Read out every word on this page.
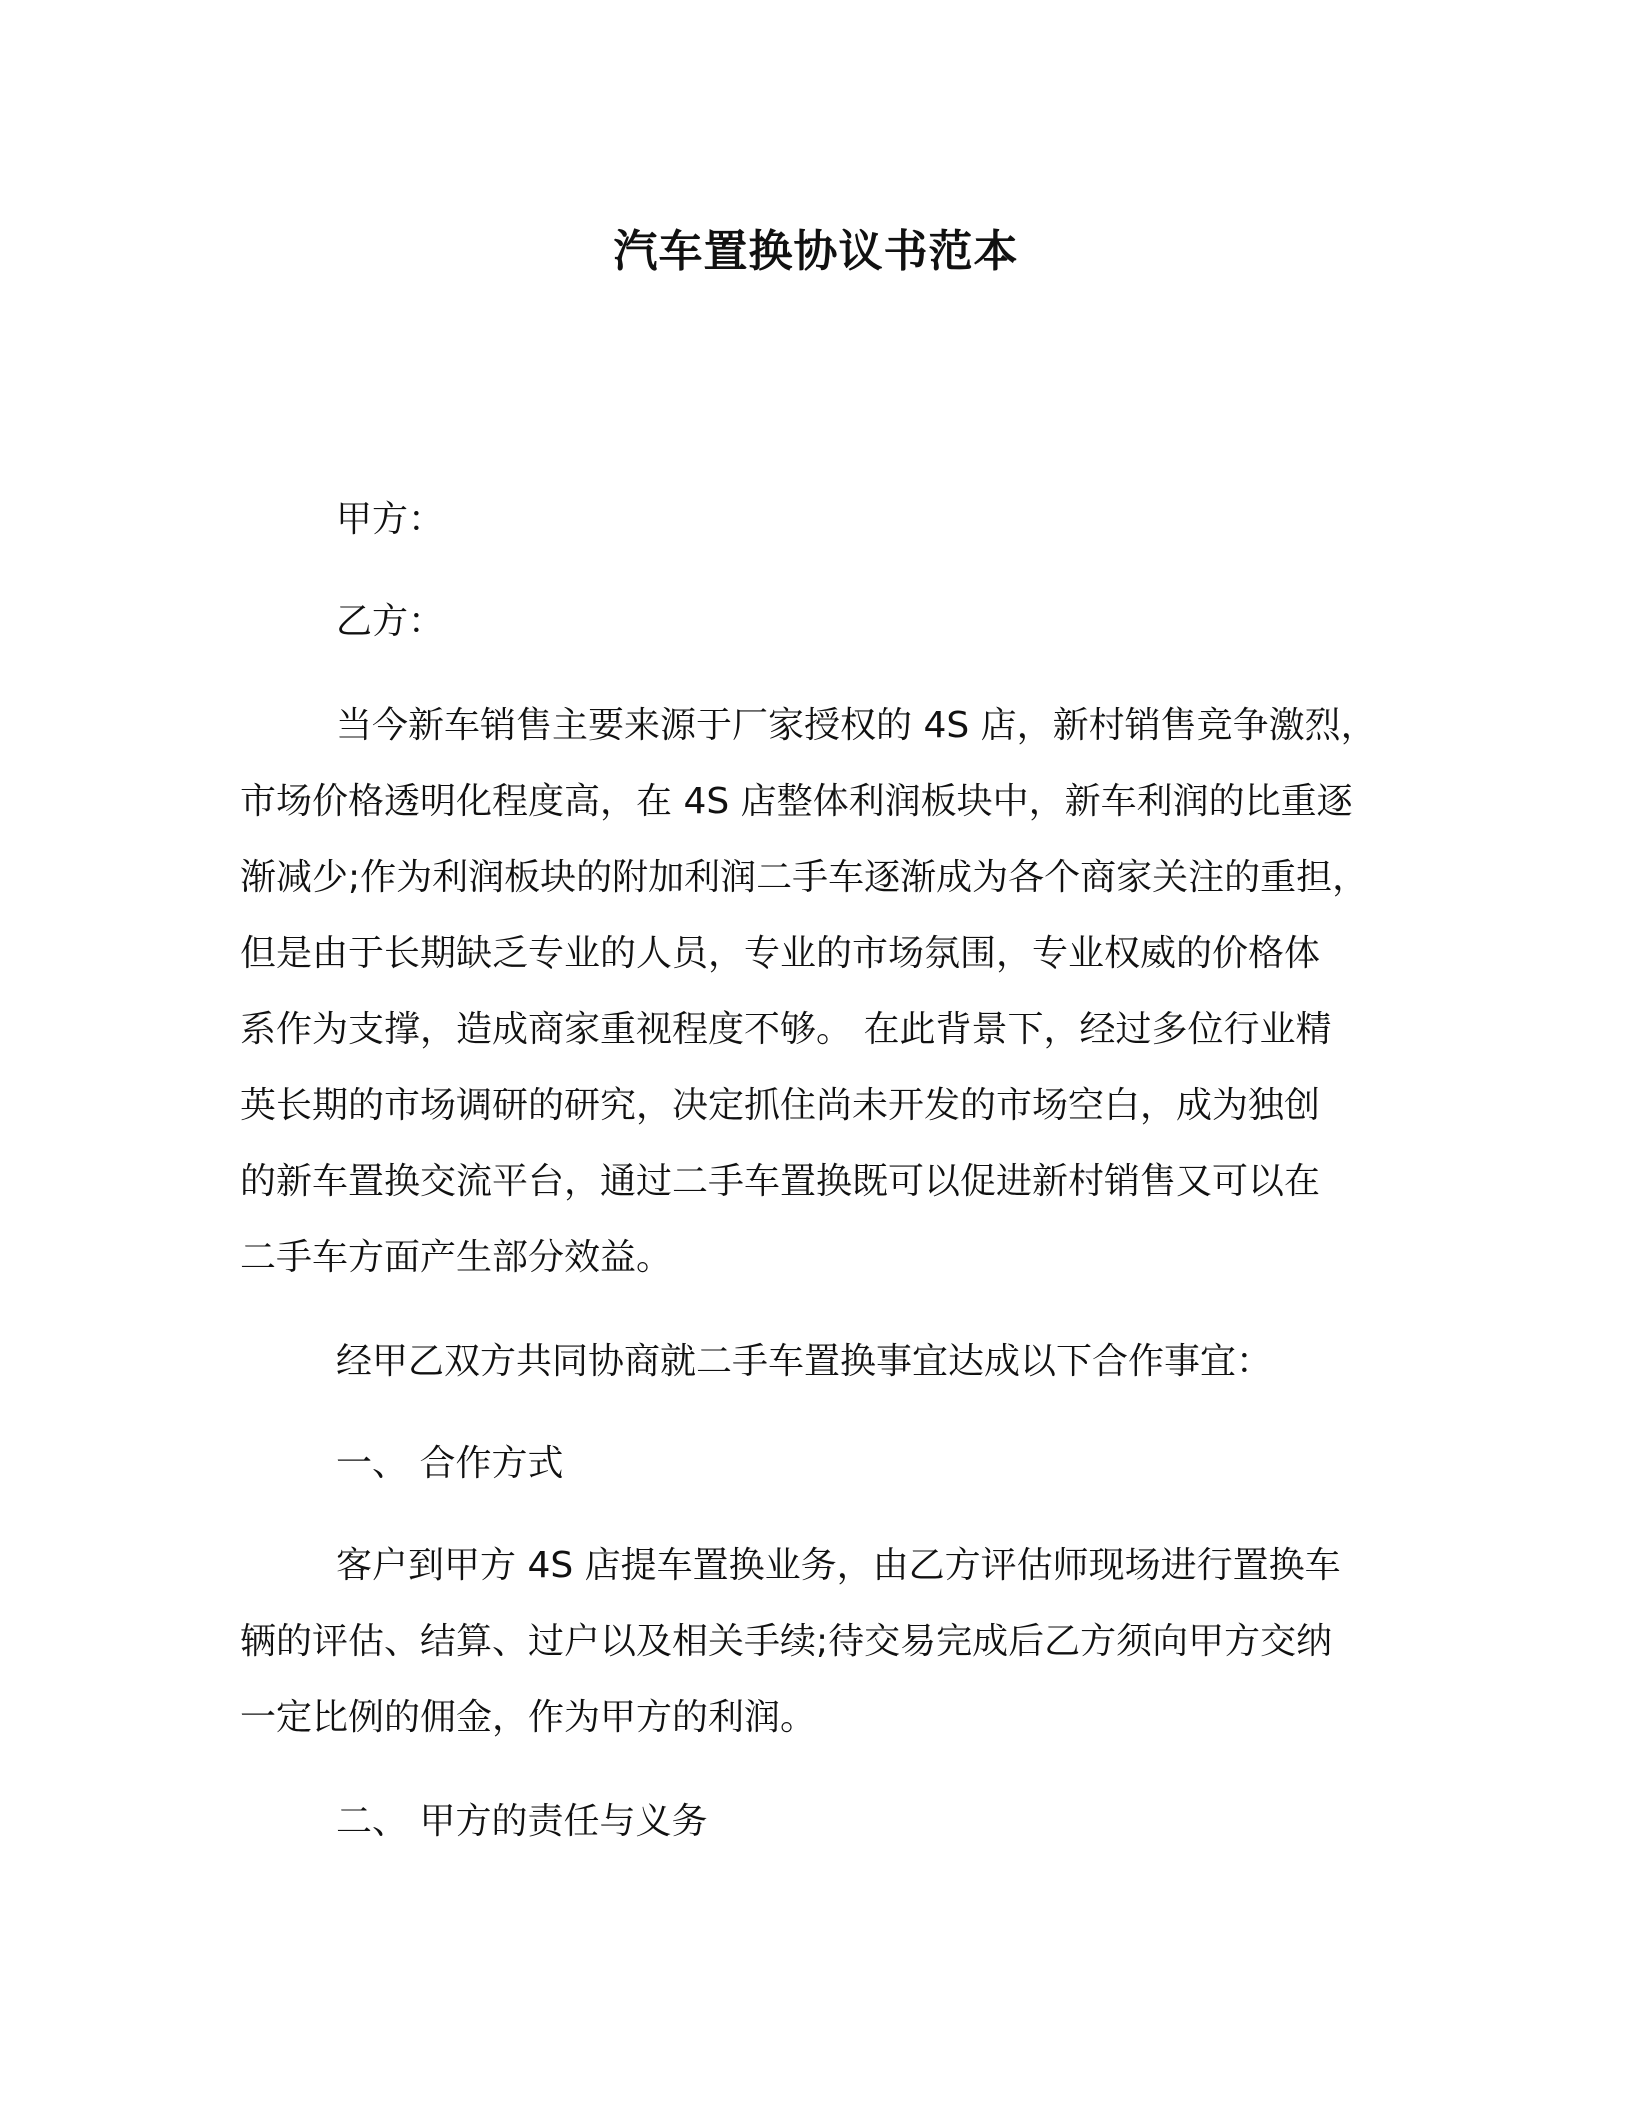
汽车置换协议书范本
甲方：
乙方：
当今新车销售主要来源于厂家授权的 4S 店，新村销售竞争激烈，
市场价格透明化程度高，在 4S 店整体利润板块中，新车利润的比重逐
渐减少;作为利润板块的附加利润二手车逐渐成为各个商家关注的重担，
但是由于长期缺乏专业的人员，专业的市场氛围，专业权威的价格体
系作为支撑，造成商家重视程度不够。 在此背景下，经过多位行业精
英长期的市场调研的研究，决定抓住尚未开发的市场空白，成为独创
的新车置换交流平台，通过二手车置换既可以促进新村销售又可以在
二手车方面产生部分效益。
经甲乙双方共同协商就二手车置换事宜达成以下合作事宜：
一、 合作方式
客户到甲方 4S 店提车置换业务，由乙方评估师现场进行置换车
辆的评估、结算、过户以及相关手续;待交易完成后乙方须向甲方交纳
一定比例的佣金，作为甲方的利润。
二、 甲方的责任与义务
